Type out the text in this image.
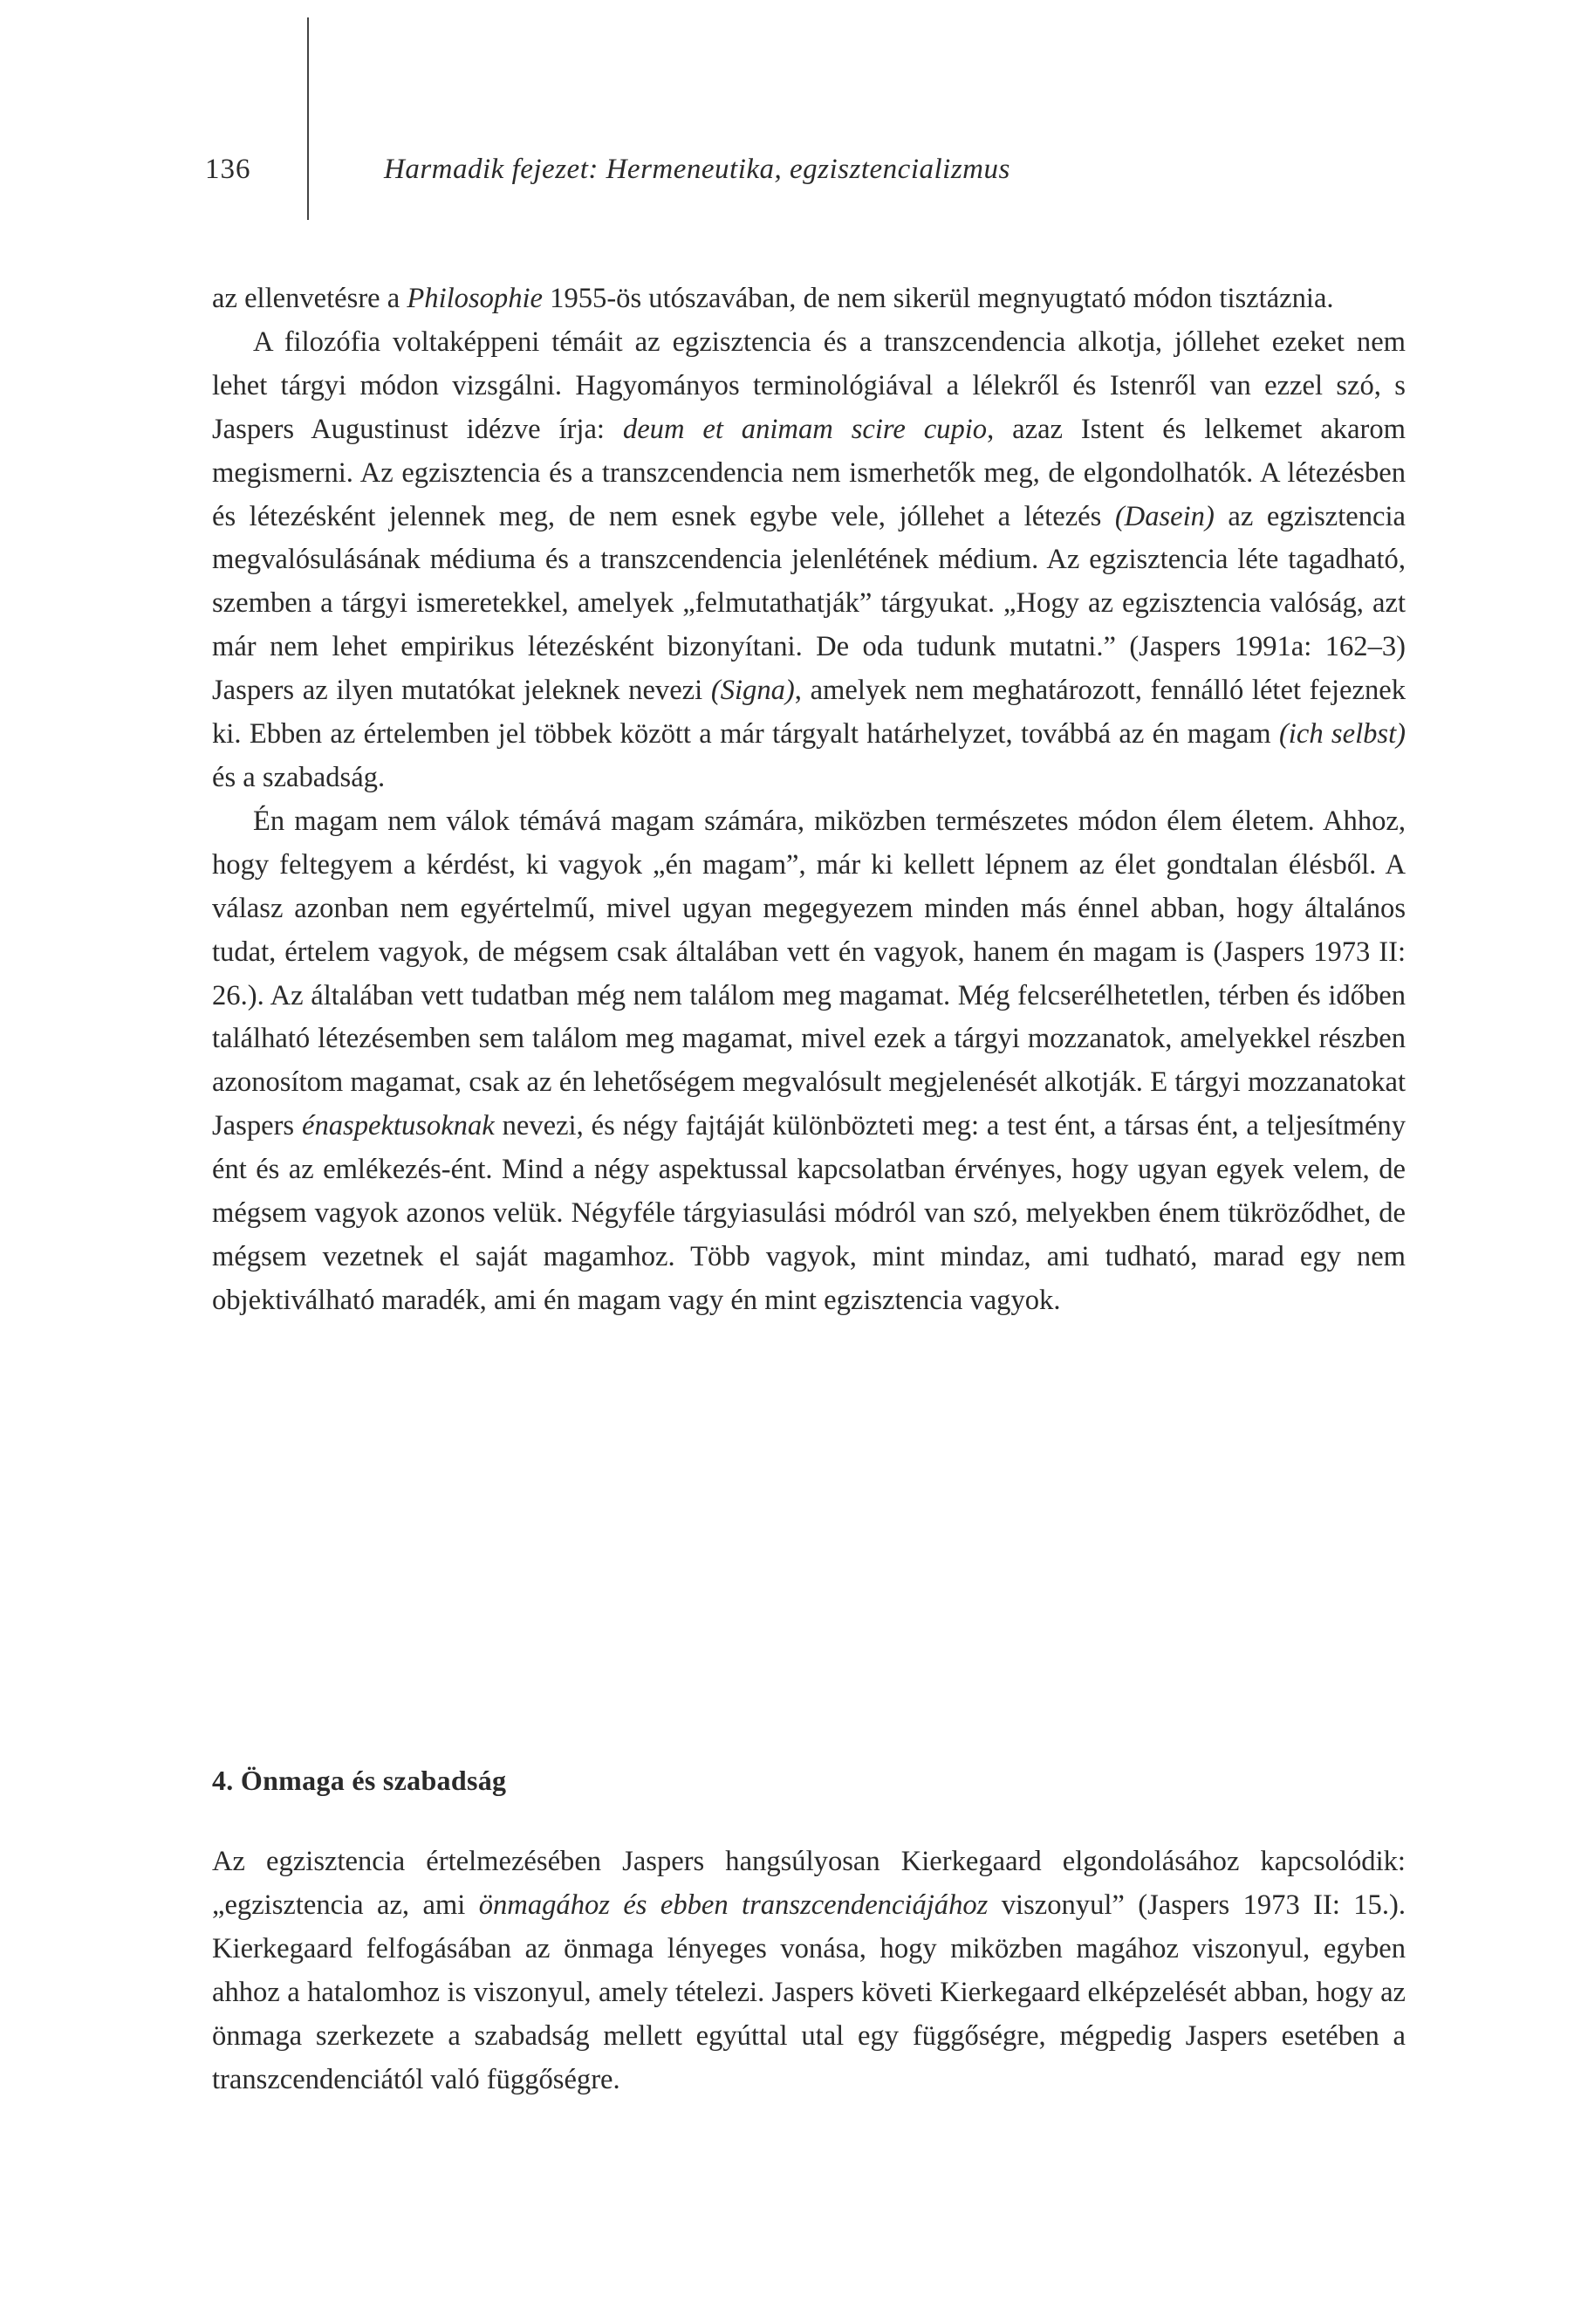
136	Harmadik fejezet: Hermeneutika, egzisztencializmus

az ellenvetésre a Philosophie 1955-ös utószavában, de nem sikerül megnyugtató módon tisztáznia.

A filozófia voltaképpeni témáit az egzisztencia és a transzcendencia alkotja, jóllehet ezeket nem lehet tárgyi módon vizsgálni. Hagyományos terminológiával a lélekről és Istenről van ezzel szó, s Jaspers Augustinust idézve írja: deum et animam scire cupio, azaz Istent és lelkemet akarom megismerni. Az egzisztencia és a transzcendencia nem ismerhetők meg, de elgondolhatók. A létezésben és létezésként jelennek meg, de nem esnek egybe vele, jóllehet a létezés (Dasein) az egzisztencia megvalósulásának médiuma és a transzcendencia jelenlétének médium. Az egzisztencia léte tagadható, szemben a tárgyi ismeretekkel, amelyek „felmutathatják” tárgyukat. „Hogy az egzisztencia valóság, azt már nem lehet empirikus létezésként bizonyítani. De oda tudunk mutatni.” (Jaspers 1991a: 162–3) Jaspers az ilyen mutatókat jeleknek nevezi (Signa), amelyek nem meghatározott, fennálló létet fejeznek ki. Ebben az értelemben jel többek között a már tárgyalt határhelyzet, továbbá az én magam (ich selbst) és a szabadság.

Én magam nem válok témává magam számára, miközben természetes módon élem életem. Ahhoz, hogy feltegyem a kérdést, ki vagyok „én magam”, már ki kellett lépnem az élet gondtalan élésből. A válasz azonban nem egyértelmű, mivel ugyan megegyezem minden más énnel abban, hogy általános tudat, értelem vagyok, de mégsem csak általában vett én vagyok, hanem én magam is (Jaspers 1973 II: 26.). Az általában vett tudatban még nem találom meg magamat. Még felcserélhetetlen, térben és időben található létezésemben sem találom meg magamat, mivel ezek a tárgyi mozzanatok, amelyekkel részben azonosítom magamat, csak az én lehetőségem megvalósult megjelenését alkotják. E tárgyi mozzanatokat Jaspers énaspektusoknak nevezi, és négy fajtáját különbözteti meg: a test ént, a társas ént, a teljesítmény ént és az emlékezés-ént. Mind a négy aspektussal kapcsolatban érvényes, hogy ugyan egyek velem, de mégsem vagyok azonos velük. Négyféle tárgyiasulási módról van szó, melyekben énem tükröződhet, de mégsem vezetnek el saját magamhoz. Több vagyok, mint mindaz, ami tudható, marad egy nem objektiválható maradék, ami én magam vagy én mint egzisztencia vagyok.

4. Önmaga és szabadság

Az egzisztencia értelmezésében Jaspers hangsúlyosan Kierkegaard elgondolásához kapcsolódik: „egzisztencia az, ami önmagához és ebben transzcendenciájához viszonyul” (Jaspers 1973 II: 15.). Kierkegaard felfogásában az önmaga lényeges vonása, hogy miközben magához viszonyul, egyben ahhoz a hatalomhoz is viszonyul, amely tételezi. Jaspers követi Kierkegaard elképzelését abban, hogy az önmaga szerkezete a szabadság mellett egyúttal utal egy függőségre, mégpedig Jaspers esetében a transzcendenciától való függőségre.
